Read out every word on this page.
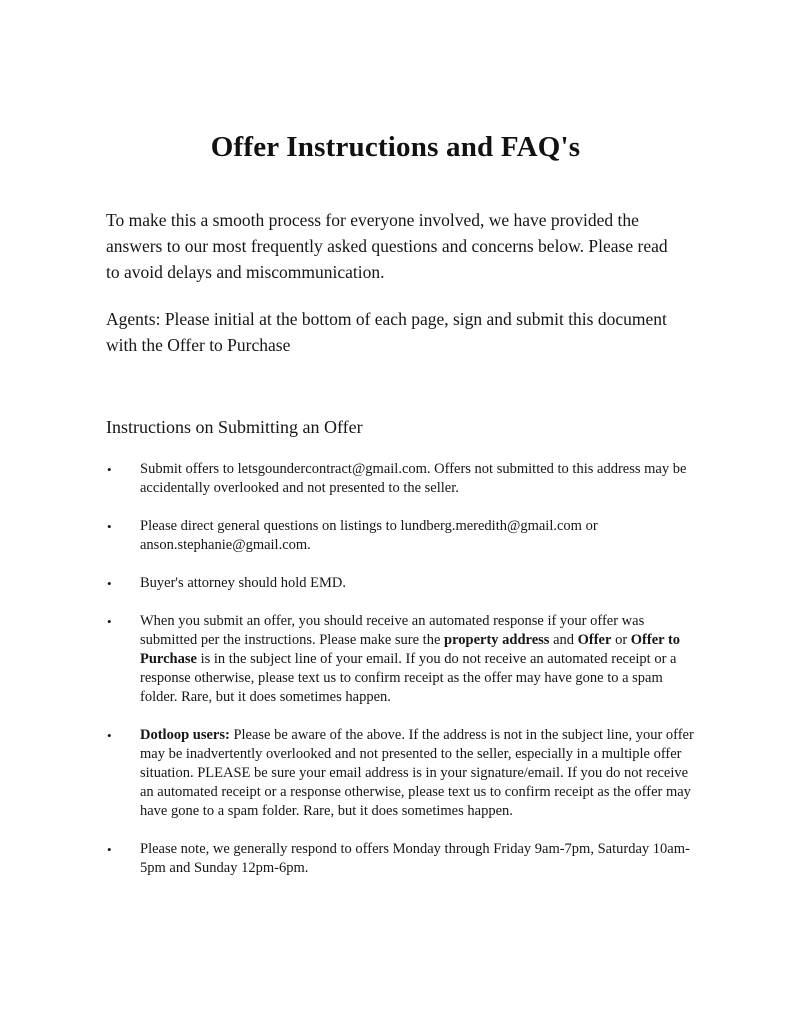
Offer Instructions and FAQ's

To make this a smooth process for everyone involved, we have provided the answers to our most frequently asked questions and concerns below. Please read to avoid delays and miscommunication.

Agents: Please initial at the bottom of each page, sign and submit this document with the Offer to Purchase

Instructions on Submitting an Offer
•	Submit offers to letsgoundercontract@gmail.com. Offers not submitted to this address may be accidentally overlooked and not presented to the seller.
•	Please direct general questions on listings to lundberg.meredith@gmail.com or anson.stephanie@gmail.com.
•	Buyer's attorney should hold EMD.
•	When you submit an offer, you should receive an automated response if your offer was submitted per the instructions. Please make sure the property address and Offer or Offer to Purchase is in the subject line of your email. If you do not receive an automated receipt or a response otherwise, please text us to confirm receipt as the offer may have gone to a spam folder. Rare, but it does sometimes happen.
•	Dotloop users: Please be aware of the above. If the address is not in the subject line, your offer may be inadvertently overlooked and not presented to the seller, especially in a multiple offer situation. PLEASE be sure your email address is in your signature/email. If you do not receive an automated receipt or a response otherwise, please text us to confirm receipt as the offer may have gone to a spam folder. Rare, but it does sometimes happen.
•	Please note, we generally respond to offers Monday through Friday 9am-7pm, Saturday 10am- 5pm and Sunday 12pm-6pm.
